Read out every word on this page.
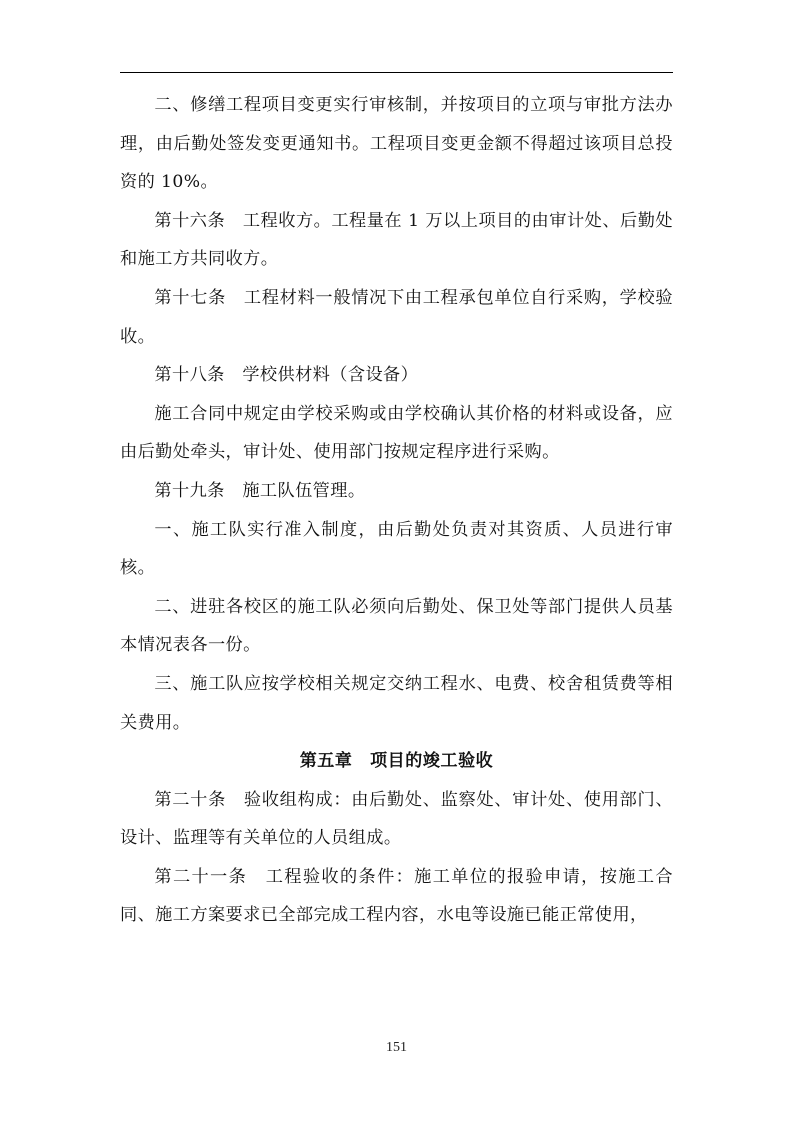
二、修缮工程项目变更实行审核制，并按项目的立项与审批方法办理，由后勤处签发变更通知书。工程项目变更金额不得超过该项目总投资的 10%。

第十六条　工程收方。工程量在 1 万以上项目的由审计处、后勤处和施工方共同收方。

第十七条　工程材料一般情况下由工程承包单位自行采购，学校验收。

第十八条　学校供材料（含设备）

施工合同中规定由学校采购或由学校确认其价格的材料或设备，应由后勤处牵头，审计处、使用部门按规定程序进行采购。

第十九条　施工队伍管理。

一、施工队实行准入制度，由后勤处负责对其资质、人员进行审核。

二、进驻各校区的施工队必须向后勤处、保卫处等部门提供人员基本情况表各一份。

三、施工队应按学校相关规定交纳工程水、电费、校舍租赁费等相关费用。

第五章　项目的竣工验收

第二十条　验收组构成：由后勤处、监察处、审计处、使用部门、设计、监理等有关单位的人员组成。

第二十一条　工程验收的条件：施工单位的报验申请，按施工合同、施工方案要求已全部完成工程内容，水电等设施已能正常使用，

151
